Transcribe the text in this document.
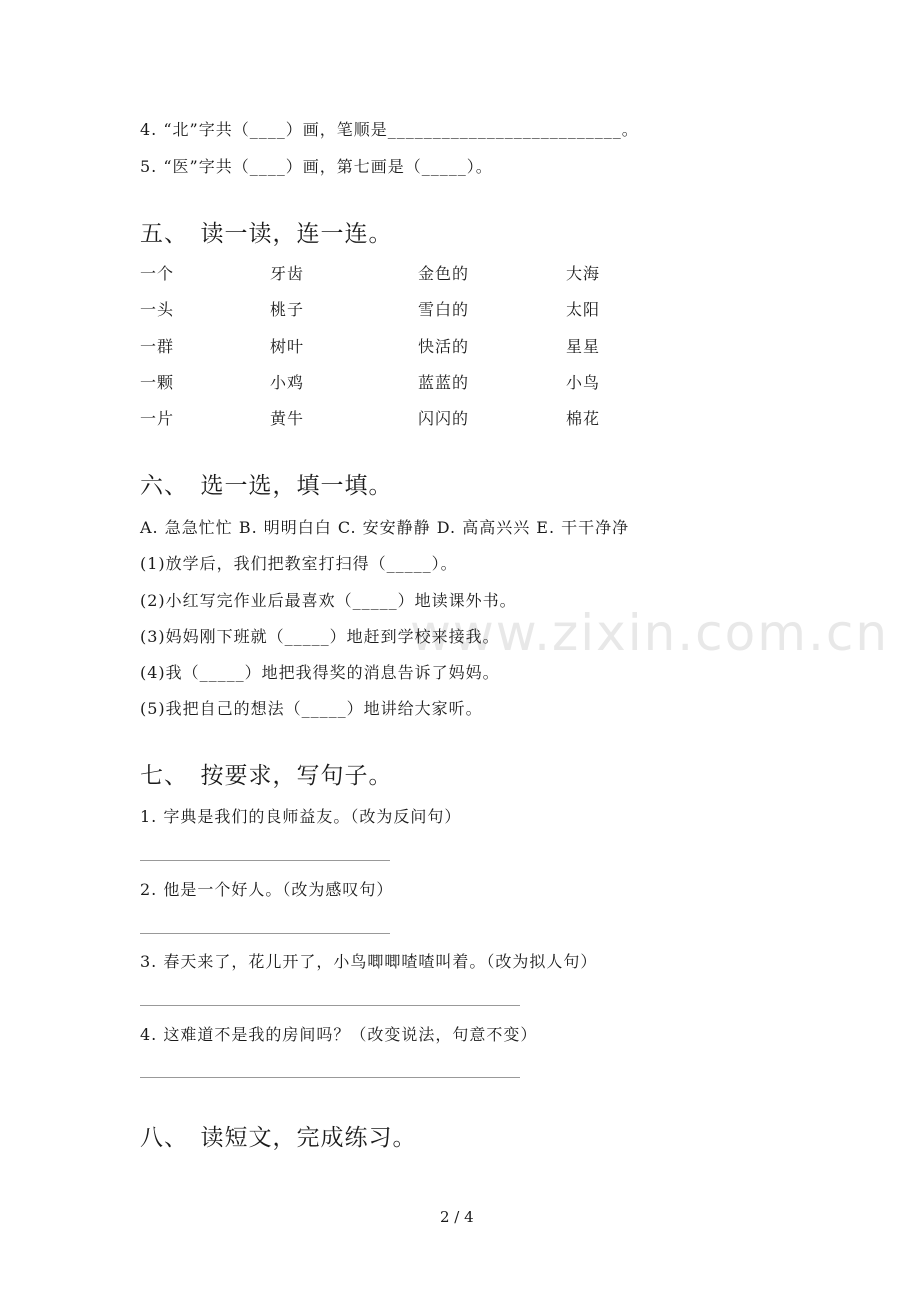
4. “北”字共（____）画，笔顺是__________________________。
5. “医”字共（____）画，第七画是（_____）。
五、　读一读，连一连。
一个	牙齿	金色的	大海
一头	桃子	雪白的	太阳
一群	树叶	快活的	星星
一颗	小鸡	蓝蓝的	小鸟
一片	黄牛	闪闪的	棉花
www.zixin.com.cn
六、　选一选，填一填。
A. 急急忙忙 B. 明明白白 C. 安安静静 D. 高高兴兴 E. 干干净净
(1)放学后，我们把教室打扫得（_____）。
(2)小红写完作业后最喜欢（_____）地读课外书。
(3)妈妈刚下班就（_____）地赶到学校来接我。
(4)我（_____）地把我得奖的消息告诉了妈妈。
(5)我把自己的想法（_____）地讲给大家听。
七、　按要求，写句子。
1. 字典是我们的良师益友。（改为反问句）
2. 他是一个好人。（改为感叹句）
3. 春天来了，花儿开了，小鸟唧唧喳喳叫着。（改为拟人句）
4. 这难道不是我的房间吗？（改变说法，句意不变）
八、　读短文，完成练习。
2 / 4
